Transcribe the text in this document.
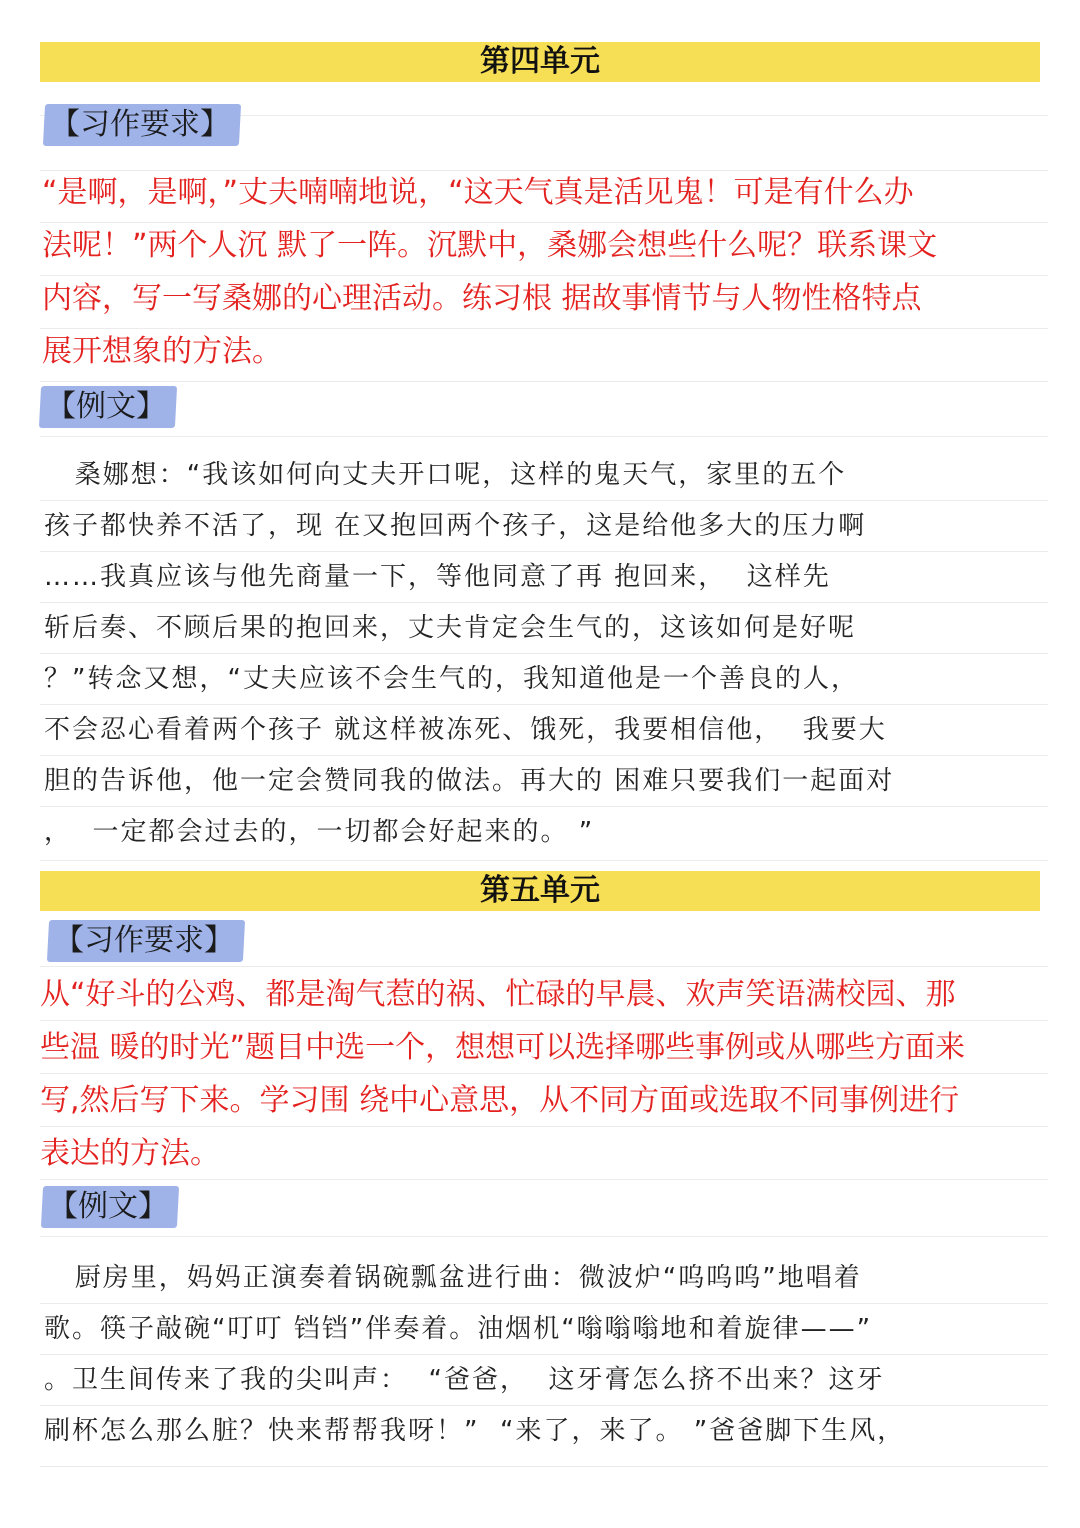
第四单元
【习作要求】

“是啊，是啊，”丈夫喃喃地说，“这天气真是活见鬼！可是有什么办

法呢！”两个人沉 默了一阵。沉默中，桑娜会想些什么呢？联系课文

内容，写一写桑娜的心理活动。练习根 据故事情节与人物性格特点

展开想象的方法。

【例文】

桑娜想：“我该如何向丈夫开口呢，这样的鬼天气，家里的五个

孩子都快养不活了，现 在又抱回两个孩子，这是给他多大的压力啊

……我真应该与他先商量一下，等他同意了再 抱回来，  这样先

斩后奏、不顾后果的抱回来，丈夫肯定会生气的，这该如何是好呢

？”转念又想，“丈夫应该不会生气的，我知道他是一个善良的人，

不会忍心看着两个孩子 就这样被冻死、饿死，我要相信他，  我要大

胆的告诉他，他一定会赞同我的做法。再大的 困难只要我们一起面对

，  一定都会过去的，一切都会好起来的。 ”

第五单元
【习作要求】

从“好斗的公鸡、都是淘气惹的祸、忙碌的早晨、欢声笑语满校园、那

些温 暖的时光”题目中选一个，想想可以选择哪些事例或从哪些方面来

写,然后写下来。学习围 绕中心意思，从不同方面或选取不同事例进行

表达的方法。

【例文】

厨房里，妈妈正演奏着锅碗瓢盆进行曲：微波炉“呜呜呜”地唱着

歌。筷子敲碗“叮叮 铛铛”伴奏着。油烟机“嗡嗡嗡地和着旋律——”

。卫生间传来了我的尖叫声：  “爸爸，  这牙膏怎么挤不出来？这牙

刷杯怎么那么脏？快来帮帮我呀！”  “来了，来了。 ”爸爸脚下生风，
